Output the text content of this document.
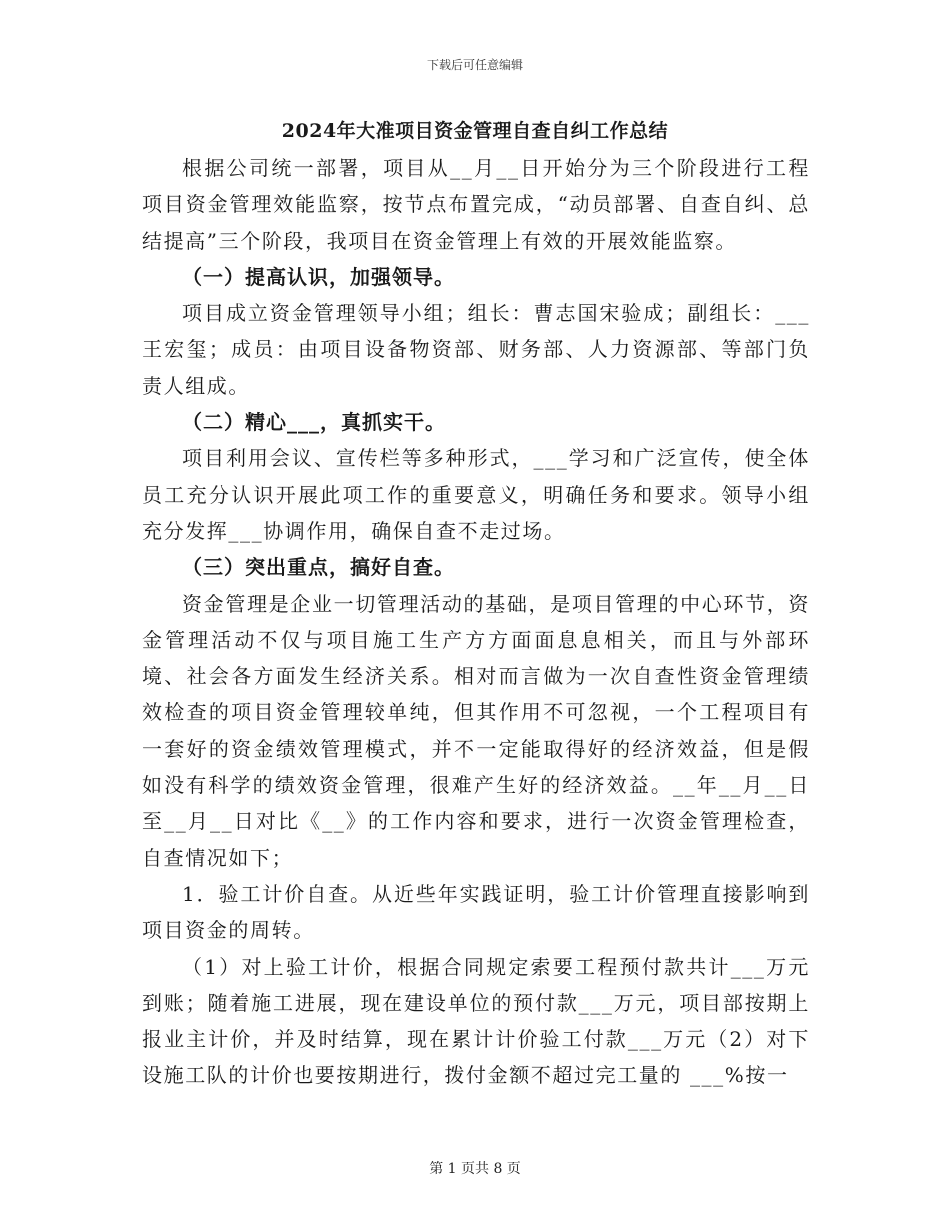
下载后可任意编辑
2024年大准项目资金管理自查自纠工作总结

根据公司统一部署，项目从__月__日开始分为三个阶段进行工程项目资金管理效能监察，按节点布置完成，“动员部署、自查自纠、总结提高”三个阶段，我项目在资金管理上有效的开展效能监察。

（一）提高认识，加强领导。

项目成立资金管理领导小组；组长：曹志国宋验成；副组长：___王宏玺；成员：由项目设备物资部、财务部、人力资源部、等部门负责人组成。

（二）精心___，真抓实干。

项目利用会议、宣传栏等多种形式，___学习和广泛宣传，使全体员工充分认识开展此项工作的重要意义，明确任务和要求。领导小组充分发挥___协调作用，确保自查不走过场。

（三）突出重点，搞好自查。

资金管理是企业一切管理活动的基础，是项目管理的中心环节，资金管理活动不仅与项目施工生产方方面面息息相关，而且与外部环境、社会各方面发生经济关系。相对而言做为一次自查性资金管理绩效检查的项目资金管理较单纯，但其作用不可忽视，一个工程项目有一套好的资金绩效管理模式，并不一定能取得好的经济效益，但是假如没有科学的绩效资金管理，很难产生好的经济效益。__年__月__日至__月__日对比《__》的工作内容和要求，进行一次资金管理检查，自查情况如下；

1．验工计价自查。从近些年实践证明，验工计价管理直接影响到项目资金的周转。

（1）对上验工计价，根据合同规定索要工程预付款共计___万元到账；随着施工进展，现在建设单位的预付款___万元，项目部按期上报业主计价，并及时结算，现在累计计价验工付款___万元（2）对下设施工队的计价也要按期进行，拨付金额不超过完工量的 ___%按一

第 1 页共 8 页
